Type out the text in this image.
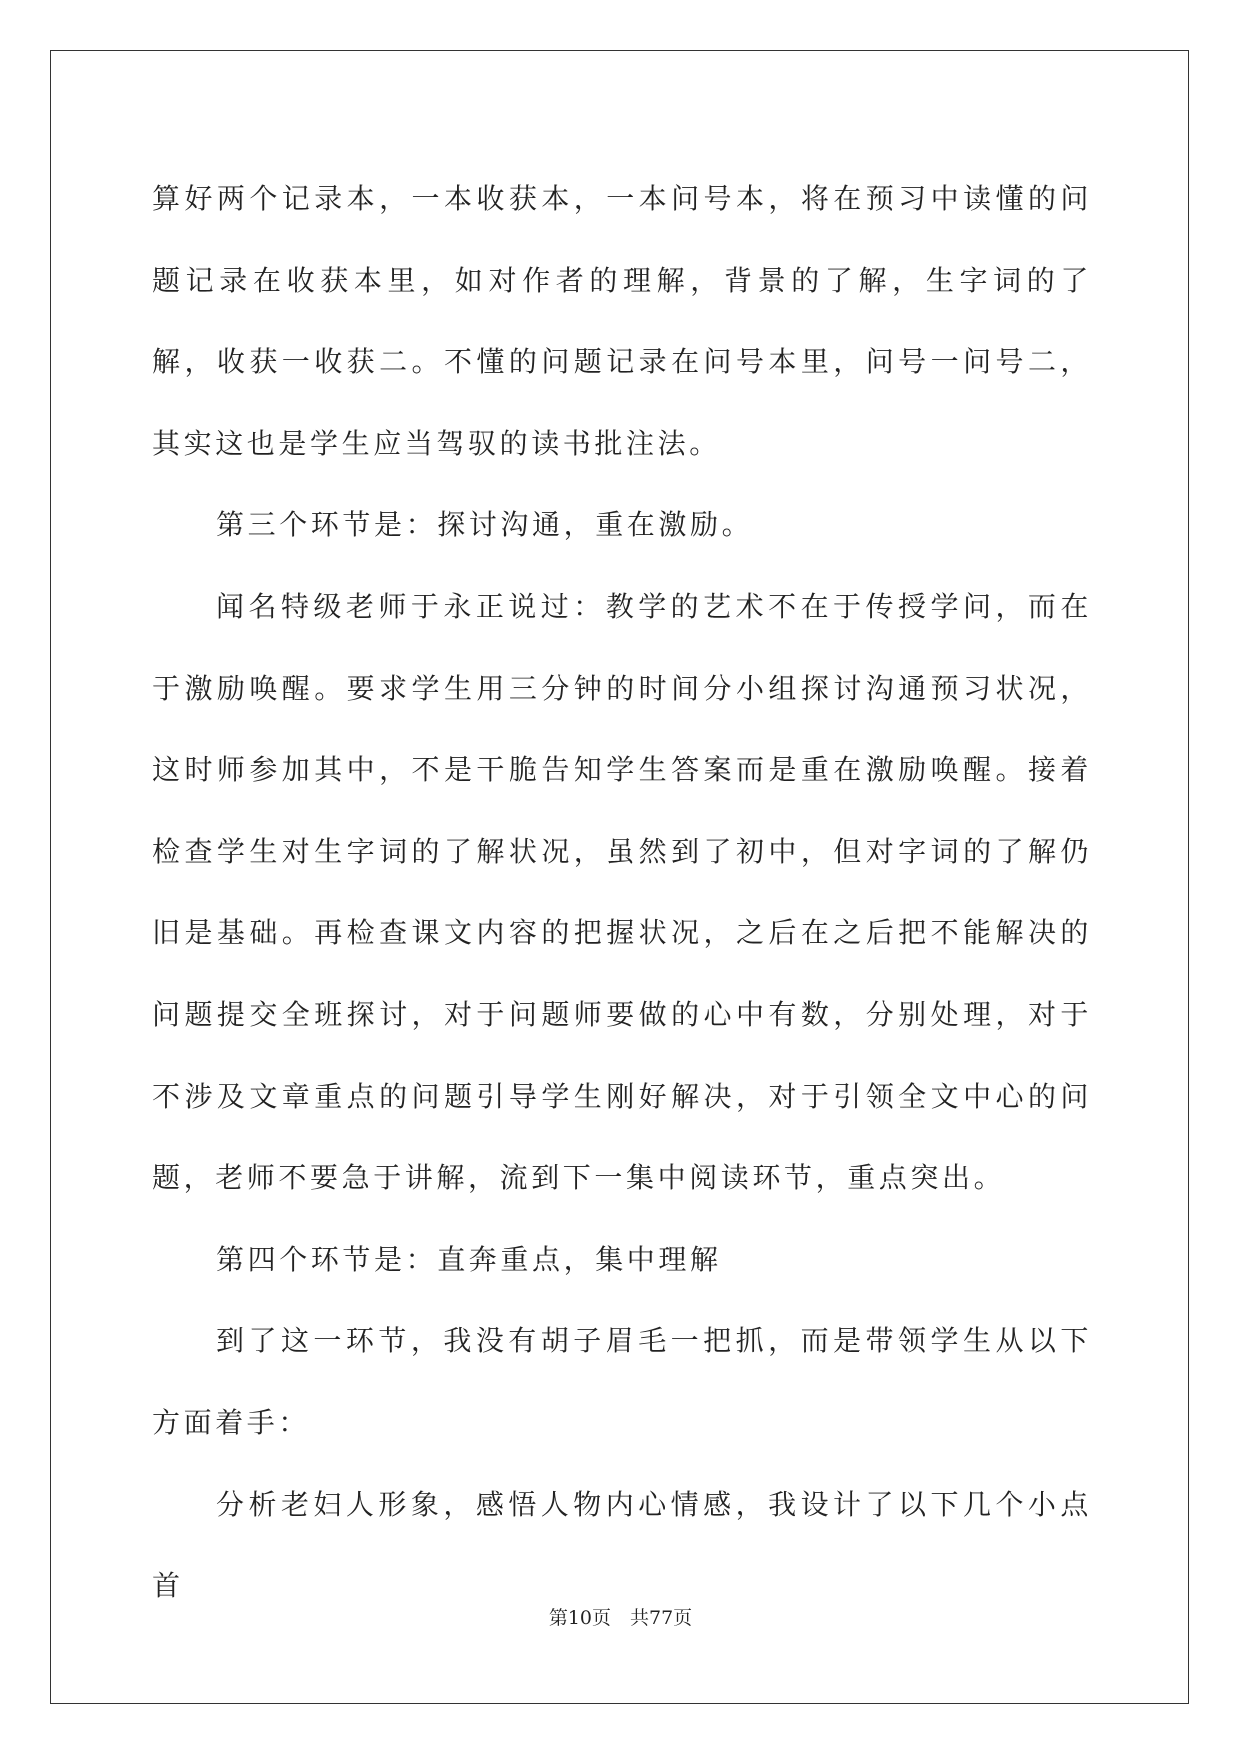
算好两个记录本，一本收获本，一本问号本，将在预习中读懂的问题记录在收获本里，如对作者的理解，背景的了解，生字词的了解，收获一收获二。不懂的问题记录在问号本里，问号一问号二，其实这也是学生应当驾驭的读书批注法。

第三个环节是：探讨沟通，重在激励。

闻名特级老师于永正说过：教学的艺术不在于传授学问，而在于激励唤醒。要求学生用三分钟的时间分小组探讨沟通预习状况，这时师参加其中，不是干脆告知学生答案而是重在激励唤醒。接着检查学生对生字词的了解状况，虽然到了初中，但对字词的了解仍旧是基础。再检查课文内容的把握状况，之后在之后把不能解决的问题提交全班探讨，对于问题师要做的心中有数，分别处理，对于不涉及文章重点的问题引导学生刚好解决，对于引领全文中心的问题，老师不要急于讲解，流到下一集中阅读环节，重点突出。

第四个环节是：直奔重点，集中理解

到了这一环节，我没有胡子眉毛一把抓，而是带领学生从以下方面着手：

分析老妇人形象，感悟人物内心情感，我设计了以下几个小点首

第10页　共77页
